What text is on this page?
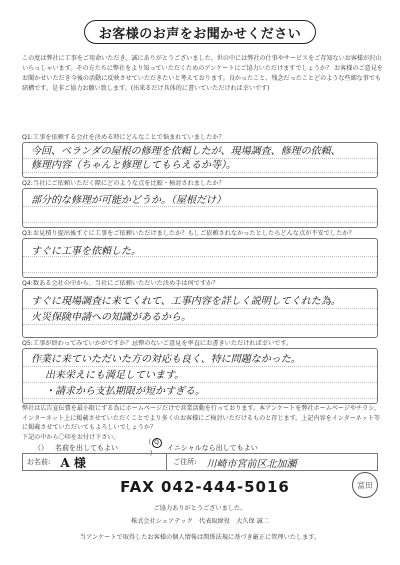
お客様のお声をお聞かせください
この度は弊社に工事をご用命いただき、誠にありがとうございました。世の中には弊社の仕事やサービスをご存知ないお客様が沢山いらっしゃいます。その方たちに弊社をより知っていただくためのアンケートにご協力いただけますでしょうか？ お客様のご意見をお聞かせいただき今後の活動に反映させていただきたいと考えております。良かったこと、残念だったことどのような些細な事でも結構です。是非ご協力お願い致します。(出来るだけ具体的に書いていただければ幸いです)
Q1:工事を依頼する会社を決める時にどんなことで悩まれていましたか？
今回、ベランダの屋根の修理を依頼したが、現場調査、修理の依頼、
修理内容（ちゃんと修理してもらえるか等）。
Q2:当社にご依頼いただく際にどのような点を比較・検討されましたか？
部分的な修理が可能かどうか。（屋根だけ）
Q3:お見積り提出後すぐに工事をご依頼いただけましたか？もしご依頼されなかったとしたらどんな点が不安でしたか？
すぐに工事を依頼した。
Q4:数ある会社の中から、当社にご依頼いただいた決め手は何ですか？
すぐに現場調査に来てくれて、工事内容を詳しく説明してくれた為。
火災保険申請への知識があるから。
Q5:工事が終わってみていかがですか？忌憚のないご意見を率直にお書きいただければ幸いです。
作業に来ていただいた方の対応も良く、特に問題なかった。
出来栄えにも満足しています。
・請求から支払期限が短かすぎる。
弊社は広告宣伝費を最小限にする為にホームページだけで営業活動を行っております。本アンケートを弊社ホームページやチラシ、インターネット上に掲載させていただくことでより多くのお客様にご検討いただけるものと存じます。上記内容をインターネット等に掲載させていただいてもよろしいでしょうか？
下記の中から〇印をお付け下さい。
（）	名前を出してもよい
（ Q）
イニシャルなら出してもよい
お名前: A 様	ご住所:	川崎市宮前区北加瀬
FAX 042-444-5016	富田
ご協力ありがとうございました。
株式会社シェアテック　代表取締役　大久保 誠二
当アンケートで取得したお客様の個人情報は関係法規に基づき厳正に管理いたします。
